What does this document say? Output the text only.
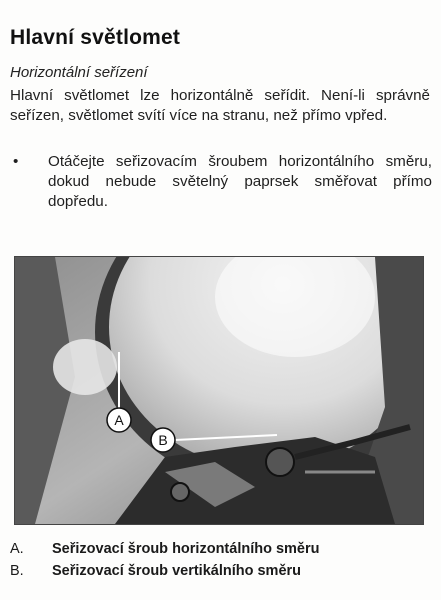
Hlavní světlomet
Horizontální seřízení
Hlavní světlomet lze horizontálně seřídit. Není-li správně seřízen, světlomet svítí více na stranu, než přímo vpřed.
• Otáčejte seřizovacím šroubem horizontálního směru, dokud nebude světelný paprsek směřovat přímo dopředu.
A
B
A. Seřizovací šroub horizontálního směru
B. Seřizovací šroub vertikálního směru
